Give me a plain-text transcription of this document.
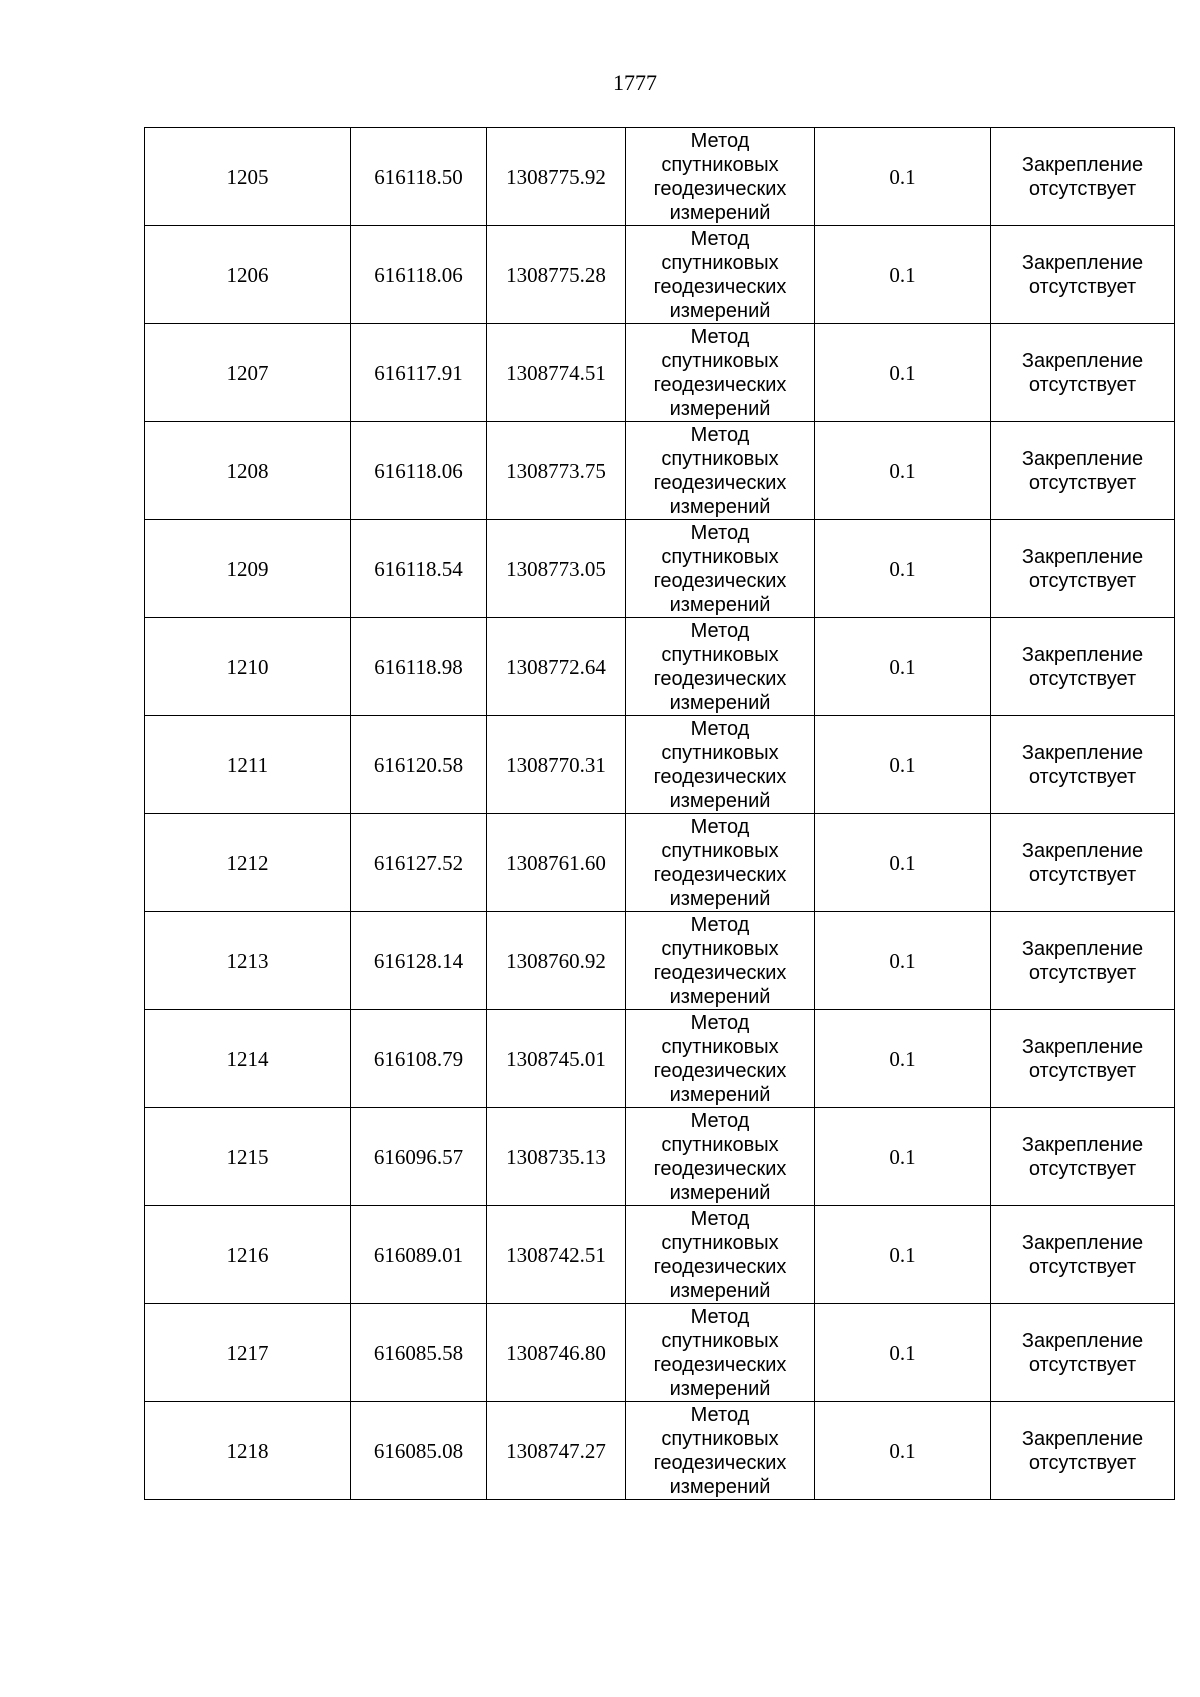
1777
1205	616118.50	1308775.92	Метод
спутниковых
геодезических
измерений	0.1	Закрепление
отсутствует
1206	616118.06	1308775.28	Метод
спутниковых
геодезических
измерений	0.1	Закрепление
отсутствует
1207	616117.91	1308774.51	Метод
спутниковых
геодезических
измерений	0.1	Закрепление
отсутствует
1208	616118.06	1308773.75	Метод
спутниковых
геодезических
измерений	0.1	Закрепление
отсутствует
1209	616118.54	1308773.05	Метод
спутниковых
геодезических
измерений	0.1	Закрепление
отсутствует
1210	616118.98	1308772.64	Метод
спутниковых
геодезических
измерений	0.1	Закрепление
отсутствует
1211	616120.58	1308770.31	Метод
спутниковых
геодезических
измерений	0.1	Закрепление
отсутствует
1212	616127.52	1308761.60	Метод
спутниковых
геодезических
измерений	0.1	Закрепление
отсутствует
1213	616128.14	1308760.92	Метод
спутниковых
геодезических
измерений	0.1	Закрепление
отсутствует
1214	616108.79	1308745.01	Метод
спутниковых
геодезических
измерений	0.1	Закрепление
отсутствует
1215	616096.57	1308735.13	Метод
спутниковых
геодезических
измерений	0.1	Закрепление
отсутствует
1216	616089.01	1308742.51	Метод
спутниковых
геодезических
измерений	0.1	Закрепление
отсутствует
1217	616085.58	1308746.80	Метод
спутниковых
геодезических
измерений	0.1	Закрепление
отсутствует
1218	616085.08	1308747.27	Метод
спутниковых
геодезических
измерений	0.1	Закрепление
отсутствует
